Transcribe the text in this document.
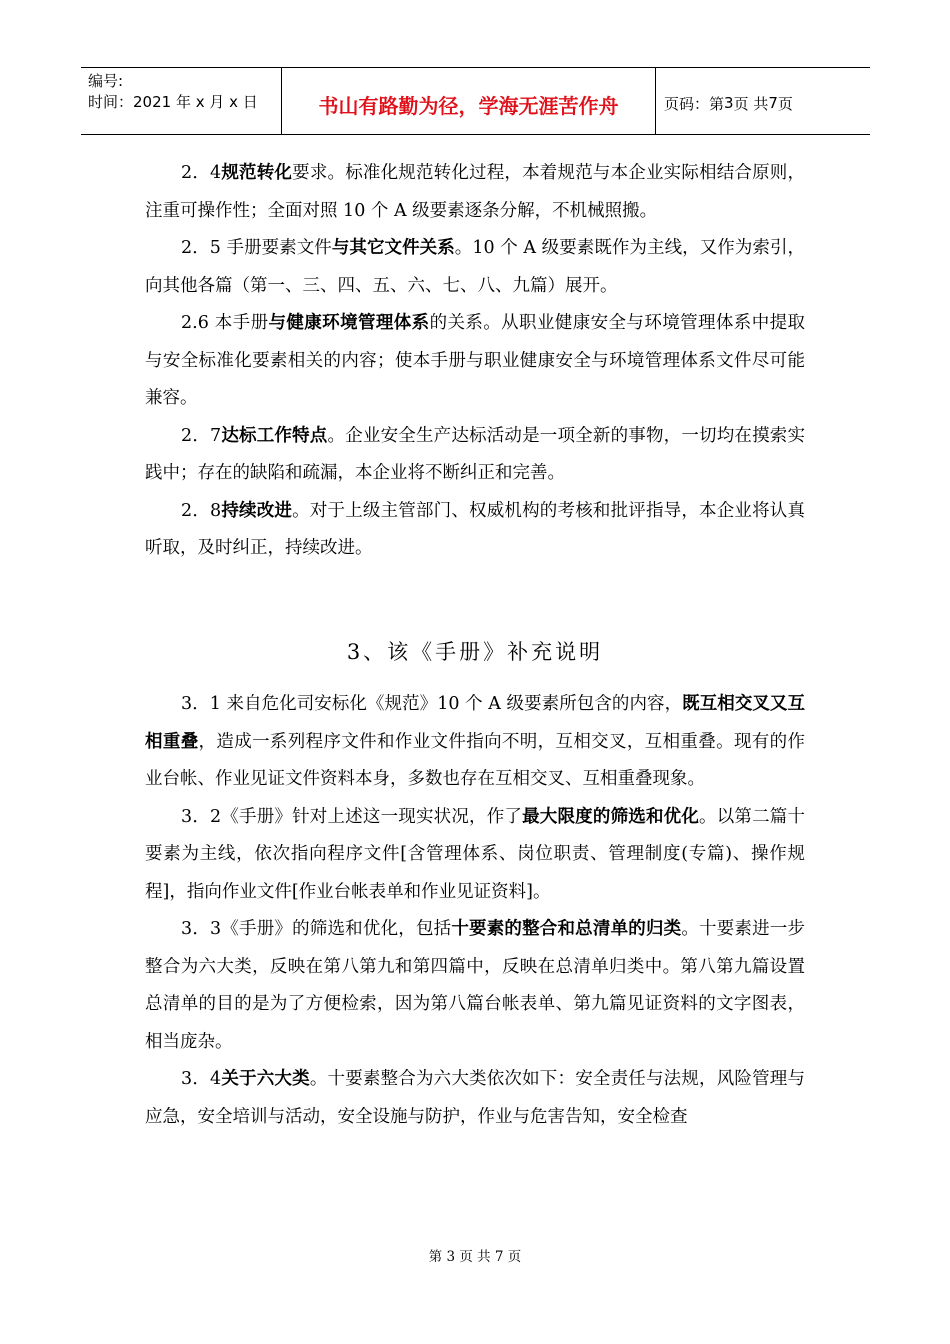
编号:
时间：2021 年 x 月 x 日	书山有路勤为径，学海无涯苦作舟	页码：第 3 页 共 7 页

2．4规范转化要求。标准化规范转化过程，本着规范与本企业实际相结合原则，注重可操作性；全面对照 10 个 A 级要素逐条分解，不机械照搬。

2．5 手册要素文件与其它文件关系。10 个 A 级要素既作为主线，又作为索引，向其他各篇（第一、三、四、五、六、七、八、九篇）展开。

2.6 本手册与健康环境管理体系的关系。从职业健康安全与环境管理体系中提取与安全标准化要素相关的内容；使本手册与职业健康安全与环境管理体系文件尽可能兼容。

2．7达标工作特点。企业安全生产达标活动是一项全新的事物，一切均在摸索实践中；存在的缺陷和疏漏，本企业将不断纠正和完善。

2．8持续改进。对于上级主管部门、权威机构的考核和批评指导，本企业将认真听取，及时纠正，持续改进。

3、该《手册》补充说明

3．1 来自危化司安标化《规范》10 个 A 级要素所包含的内容，既互相交叉又互相重叠，造成一系列程序文件和作业文件指向不明，互相交叉，互相重叠。现有的作业台帐、作业见证文件资料本身，多数也存在互相交叉、互相重叠现象。

3．2《手册》针对上述这一现实状况，作了最大限度的筛选和优化。以第二篇十要素为主线，依次指向程序文件[含管理体系、岗位职责、管理制度(专篇)、操作规程]，指向作业文件[作业台帐表单和作业见证资料]。

3．3《手册》的筛选和优化，包括十要素的整合和总清单的归类。十要素进一步整合为六大类，反映在第八第九和第四篇中，反映在总清单归类中。第八第九篇设置总清单的目的是为了方便检索，因为第八篇台帐表单、第九篇见证资料的文字图表，相当庞杂。

3．4关于六大类。十要素整合为六大类依次如下：安全责任与法规，风险管理与应急，安全培训与活动，安全设施与防护，作业与危害告知，安全检查

第 3 页 共 7 页
